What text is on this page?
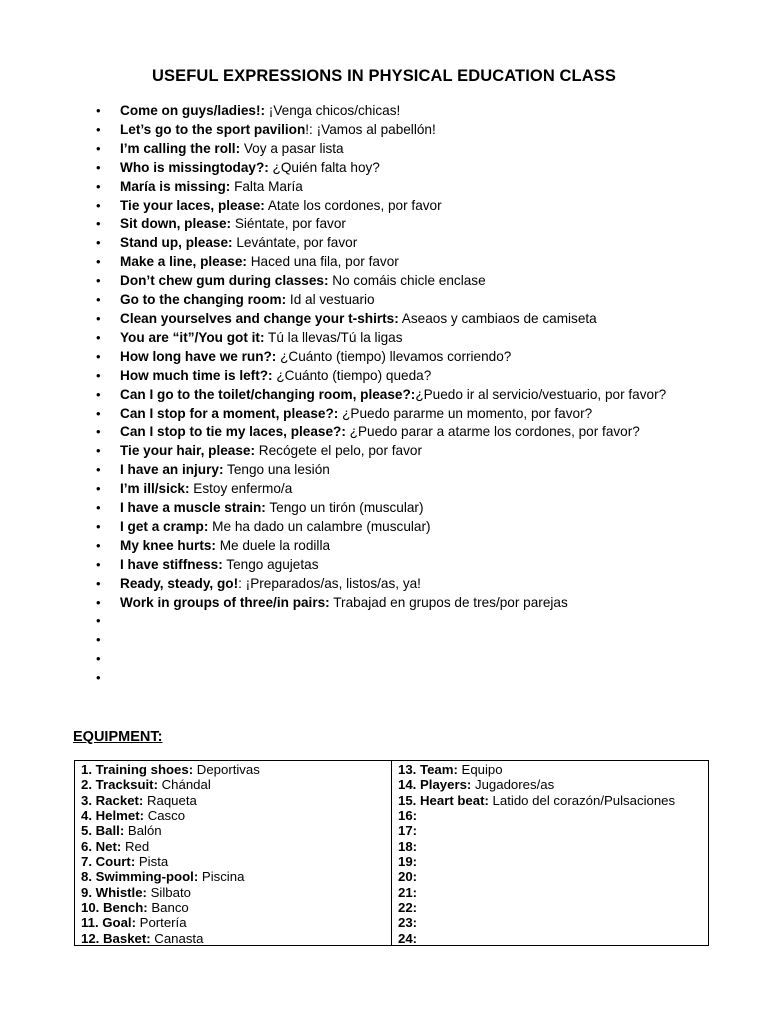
USEFUL EXPRESSIONS IN PHYSICAL EDUCATION CLASS
• Come on guys/ladies!: ¡Venga chicos/chicas!
• Let’s go to the sport pavilion!: ¡Vamos al pabellón!
• I’m calling the roll: Voy a pasar lista
• Who is missingtoday?: ¿Quién falta hoy?
• María is missing: Falta María
• Tie your laces, please: Atate los cordones, por favor
• Sit down, please: Siéntate, por favor
• Stand up, please: Levántate, por favor
• Make a line, please: Haced una fila, por favor
• Don’t chew gum during classes: No comáis chicle enclase
• Go to the changing room: Id al vestuario
• Clean yourselves and change your t-shirts: Aseaos y cambiaos de camiseta
• You are “it”/You got it: Tú la llevas/Tú la ligas
• How long have we run?: ¿Cuánto (tiempo) llevamos corriendo?
• How much time is left?: ¿Cuánto (tiempo) queda?
• Can I go to the toilet/changing room, please?:¿Puedo ir al servicio/vestuario, por favor?
• Can I stop for a moment, please?: ¿Puedo pararme un momento, por favor?
• Can I stop to tie my laces, please?: ¿Puedo parar a atarme los cordones, por favor?
• Tie your hair, please: Recógete el pelo, por favor
• I have an injury: Tengo una lesión
• I’m ill/sick: Estoy enfermo/a
• I have a muscle strain: Tengo un tirón (muscular)
• I get a cramp: Me ha dado un calambre (muscular)
• My knee hurts: Me duele la rodilla
• I have stiffness: Tengo agujetas
• Ready, steady, go!: ¡Preparados/as, listos/as, ya!
• Work in groups of three/in pairs: Trabajad en grupos de tres/por parejas
•
•
•
•
EQUIPMENT:
1. Training shoes: Deportivas
2. Tracksuit: Chándal
3. Racket: Raqueta
4. Helmet: Casco
5. Ball: Balón
6. Net: Red
7. Court: Pista
8. Swimming-pool: Piscina
9. Whistle: Silbato
10. Bench: Banco
11. Goal: Portería
12. Basket: Canasta
13. Team: Equipo
14. Players: Jugadores/as
15. Heart beat: Latido del corazón/Pulsaciones
16:
17:
18:
19:
20:
21:
22:
23:
24:
